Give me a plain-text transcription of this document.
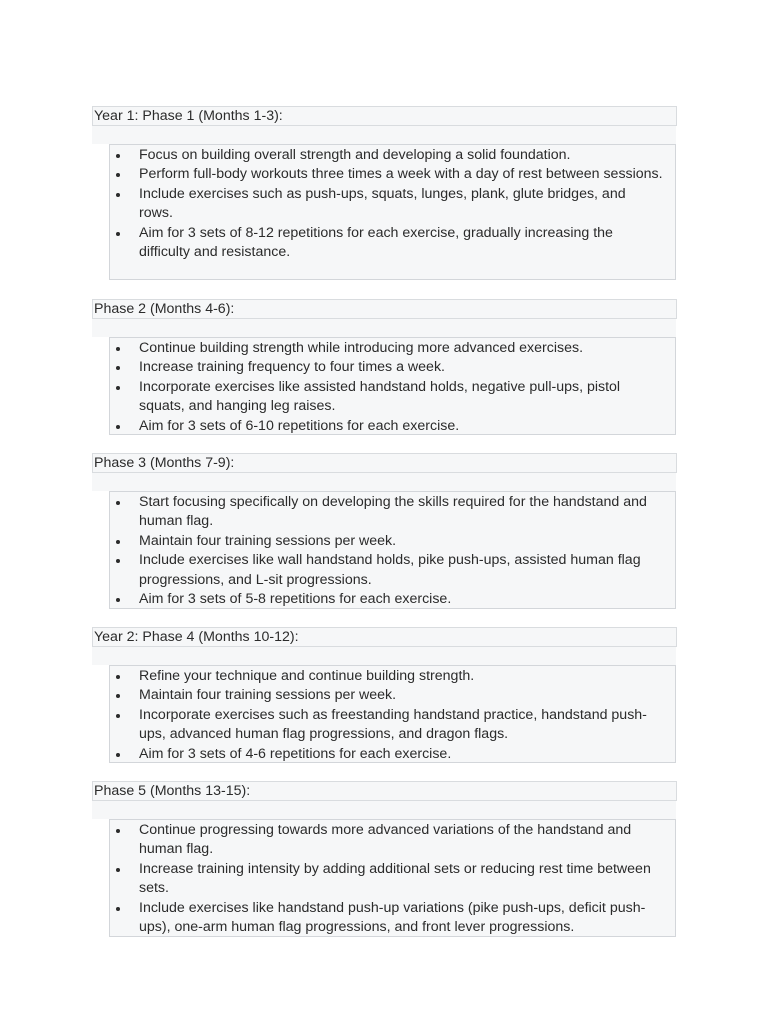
Year 1: Phase 1 (Months 1-3):
Focus on building overall strength and developing a solid foundation.
Perform full-body workouts three times a week with a day of rest between sessions.
Include exercises such as push-ups, squats, lunges, plank, glute bridges, and rows.
Aim for 3 sets of 8-12 repetitions for each exercise, gradually increasing the difficulty and resistance.
Phase 2 (Months 4-6):
Continue building strength while introducing more advanced exercises.
Increase training frequency to four times a week.
Incorporate exercises like assisted handstand holds, negative pull-ups, pistol squats, and hanging leg raises.
Aim for 3 sets of 6-10 repetitions for each exercise.
Phase 3 (Months 7-9):
Start focusing specifically on developing the skills required for the handstand and human flag.
Maintain four training sessions per week.
Include exercises like wall handstand holds, pike push-ups, assisted human flag progressions, and L-sit progressions.
Aim for 3 sets of 5-8 repetitions for each exercise.
Year 2: Phase 4 (Months 10-12):
Refine your technique and continue building strength.
Maintain four training sessions per week.
Incorporate exercises such as freestanding handstand practice, handstand push-ups, advanced human flag progressions, and dragon flags.
Aim for 3 sets of 4-6 repetitions for each exercise.
Phase 5 (Months 13-15):
Continue progressing towards more advanced variations of the handstand and human flag.
Increase training intensity by adding additional sets or reducing rest time between sets.
Include exercises like handstand push-up variations (pike push-ups, deficit push-ups), one-arm human flag progressions, and front lever progressions.
